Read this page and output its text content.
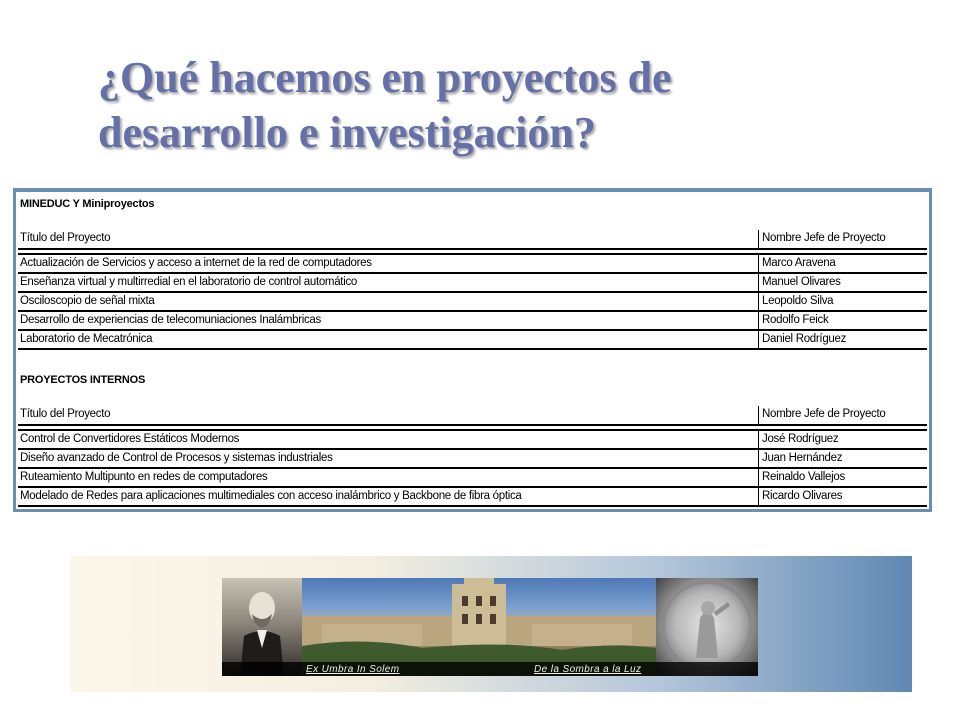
¿Qué hacemos en proyectos de
desarrollo e investigación?
MINEDUC Y Miniproyectos
Título del Proyecto	Nombre Jefe de Proyecto
Actualización de Servicios y acceso a internet de la red de computadores	Marco Aravena
Enseñanza virtual y multirredial en el laboratorio de control automático	Manuel Olivares
Osciloscopio de señal mixta	Leopoldo Silva
Desarrollo de experiencias de telecomuniaciones Inalámbricas	Rodolfo Feick
Laboratorio de Mecatrónica	Daniel Rodríguez
PROYECTOS INTERNOS
Título del Proyecto	Nombre Jefe de Proyecto
Control de Convertidores Estáticos Modernos	José Rodríguez
Diseño avanzado de Control de Procesos y sistemas industriales	Juan Hernández
Ruteamiento Multipunto en redes de computadores	Reinaldo Vallejos
Modelado de Redes para aplicaciones multimediales con acceso inalámbrico y Backbone de fibra óptica	Ricardo Olivares
Ex Umbra In Solem	De la Sombra a la Luz
